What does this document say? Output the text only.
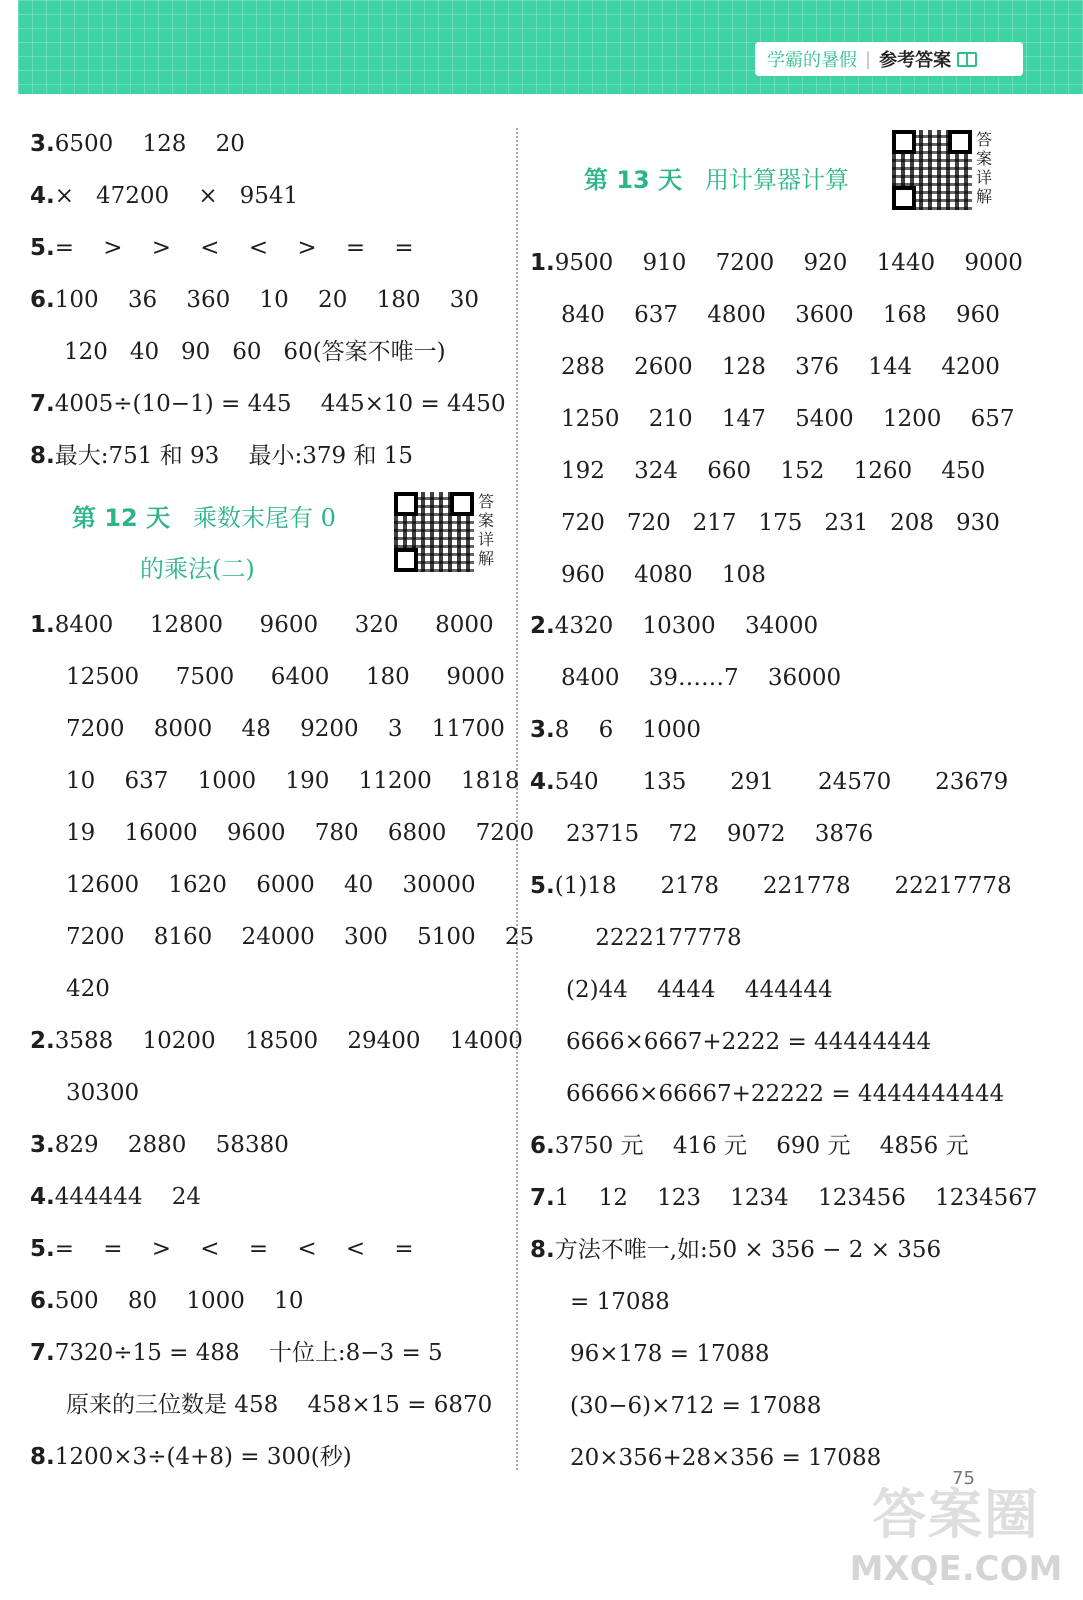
学霸的暑假 | 参考答案
3.6500    128    20
4.×   47200    ×   9541
5.=    >    >    <    <    >    =    =
6.100    36    360    10    20    180    30
120   40   90   60   60(答案不唯一)
7.4005÷(10−1) = 445    445×10 = 4450
8.最大:751 和 93    最小:379 和 15
第 12 天 乘数末尾有 0
的乘法(二)
答案详解
1.8400     12800     9600     320     8000
12500     7500     6400     180     9000
7200    8000    48    9200    3    11700
10    637    1000    190    11200    1818
19    16000    9600    780    6800    7200
12600    1620    6000    40    30000
7200    8160    24000    300    5100    25
420
2.3588    10200    18500    29400    14000
30300
3.829    2880    58380
4.444444    24
5.=    =    >    <    =    <    <    =
6.500    80    1000    10
7.7320÷15 = 488    十位上:8−3 = 5
原来的三位数是 458    458×15 = 6870
8.1200×3÷(4+8) = 300(秒)
第 13 天 用计算器计算
答案详解
1.9500    910    7200    920    1440    9000
840    637    4800    3600    168    960
288    2600    128    376    144    4200
1250    210    147    5400    1200    657
192    324    660    152    1260    450
720   720   217   175   231   208   930
960    4080    108
2.4320    10300    34000
8400    39……7    36000
3.8    6    1000
4.540      135      291      24570      23679
23715    72    9072    3876
5.(1)18      2178      221778      22217778
2222177778
(2)44    4444    444444
6666×6667+2222 = 44444444
66666×66667+22222 = 4444444444
6.3750 元    416 元    690 元    4856 元
7.1    12    123    1234    123456    1234567
8.方法不唯一,如:50 × 356 − 2 × 356
= 17088
96×178 = 17088
(30−6)×712 = 17088
20×356+28×356 = 17088
75
答案圈
MXQE.COM
